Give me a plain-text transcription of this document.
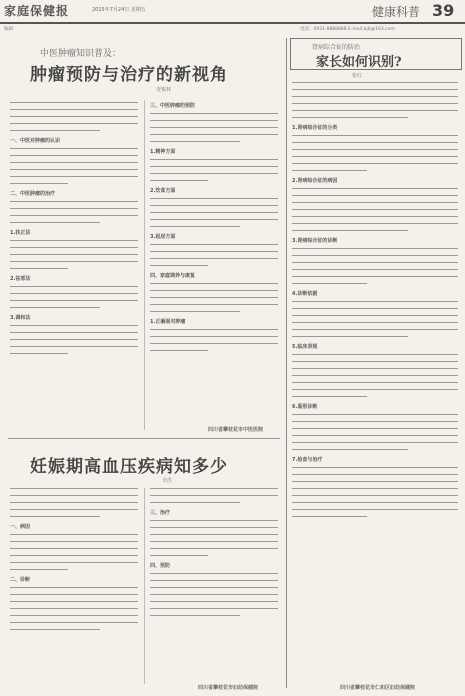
家庭保健报	2015年7月24日 星期五	健康科普 39
编辑：	电话：0931-8888888 E-mail:bjb@163.com
中医肿瘤知识普及：
肿瘤预防与治疗的新视角
查锡林
一、中医对肿瘤的认识
二、中医肿瘤的治疗
1.扶正法
2.祛邪法
3.调和法
三、中医肿瘤的预防
1.精神方面
2.饮食方面
3.起居方面
四、家庭调养与康复
1.正确面对肿瘤
四川省攀枝花市中医医院
肾病综合征的防治
家长如何识别?
张红
1.肾病综合征的分类
2.肾病综合征的病因
3.肾病综合征的诊断
4.诊断依据
5.临床表现
6.鉴别诊断
7.检查与治疗
四川省攀枝花市仁和区妇幼保健院
妊娠期高血压疾病知多少
李洪
一、病因
二、诊断
三、治疗
四、预防
四川省攀枝花市妇幼保健院
